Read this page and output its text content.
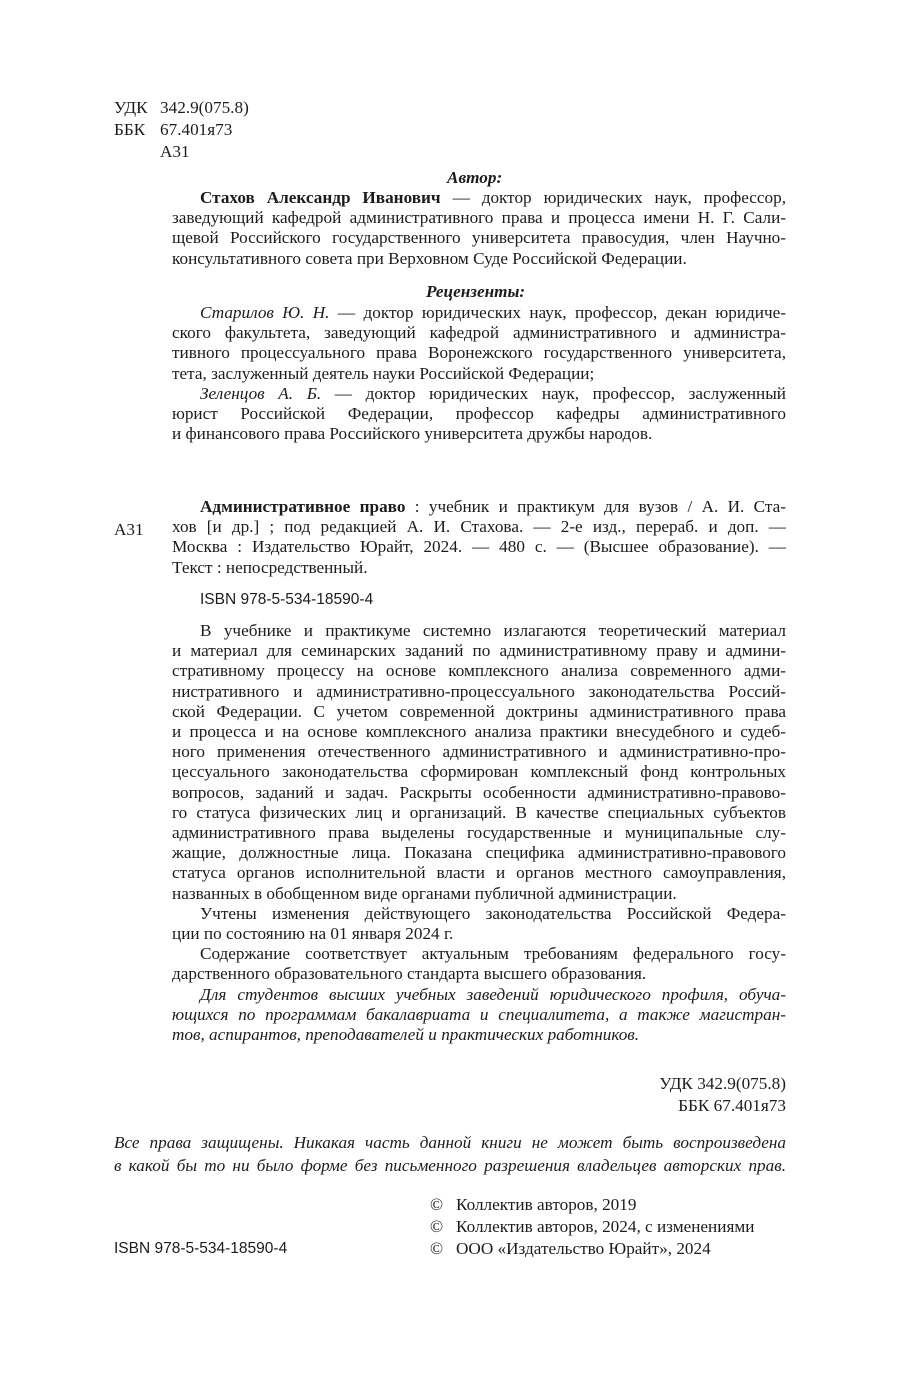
УДК 342.9(075.8)
ББК 67.401я73
А31
Автор:
Стахов Александр Иванович — доктор юридических наук, профессор,
заведующий кафедрой административного права и процесса имени Н. Г. Сали-
щевой Российского государственного университета правосудия, член Научно-
консультативного совета при Верховном Суде Российской Федерации.
Рецензенты:
Старилов Ю. Н. — доктор юридических наук, профессор, декан юридиче-
ского факультета, заведующий кафедрой административного и администра-
тивного процессуального права Воронежского государственного университета,
тета, заслуженный деятель науки Российской Федерации;
Зеленцов А. Б. — доктор юридических наук, профессор, заслуженный
юрист Российской Федерации, профессор кафедры административного
и финансового права Российского университета дружбы народов.
А31
Административное право : учебник и практикум для вузов / А. И. Ста-
хов [и др.] ; под редакцией А. И. Стахова. — 2-е изд., перераб. и доп. —
Москва : Издательство Юрайт, 2024. — 480 с. — (Высшее образование). —
Текст : непосредственный.
ISBN 978-5-534-18590-4
В учебнике и практикуме системно излагаются теоретический материал
и материал для семинарских заданий по административному праву и админи-
стративному процессу на основе комплексного анализа современного адми-
нистративного и административно-процессуального законодательства Россий-
ской Федерации. С учетом современной доктрины административного права
и процесса и на основе комплексного анализа практики внесудебного и судеб-
ного применения отечественного административного и административно-про-
цессуального законодательства сформирован комплексный фонд контрольных
вопросов, заданий и задач. Раскрыты особенности административно-правово-
го статуса физических лиц и организаций. В качестве специальных субъектов
административного права выделены государственные и муниципальные слу-
жащие, должностные лица. Показана специфика административно-правового
статуса органов исполнительной власти и органов местного самоуправления,
названных в обобщенном виде органами публичной администрации.
Учтены изменения действующего законодательства Российской Федера-
ции по состоянию на 01 января 2024 г.
Содержание соответствует актуальным требованиям федерального госу-
дарственного образовательного стандарта высшего образования.
Для студентов высших учебных заведений юридического профиля, обуча-
ющихся по программам бакалавриата и специалитета, а также магистран-
тов, аспирантов, преподавателей и практических работников.
УДК 342.9(075.8)
ББК 67.401я73
Все права защищены. Никакая часть данной книги не может быть воспроизведена
в какой бы то ни было форме без письменного разрешения владельцев авторских прав.
ISBN 978-5-534-18590-4
© Коллектив авторов, 2019
© Коллектив авторов, 2024, с изменениями
© ООО «Издательство Юрайт», 2024
